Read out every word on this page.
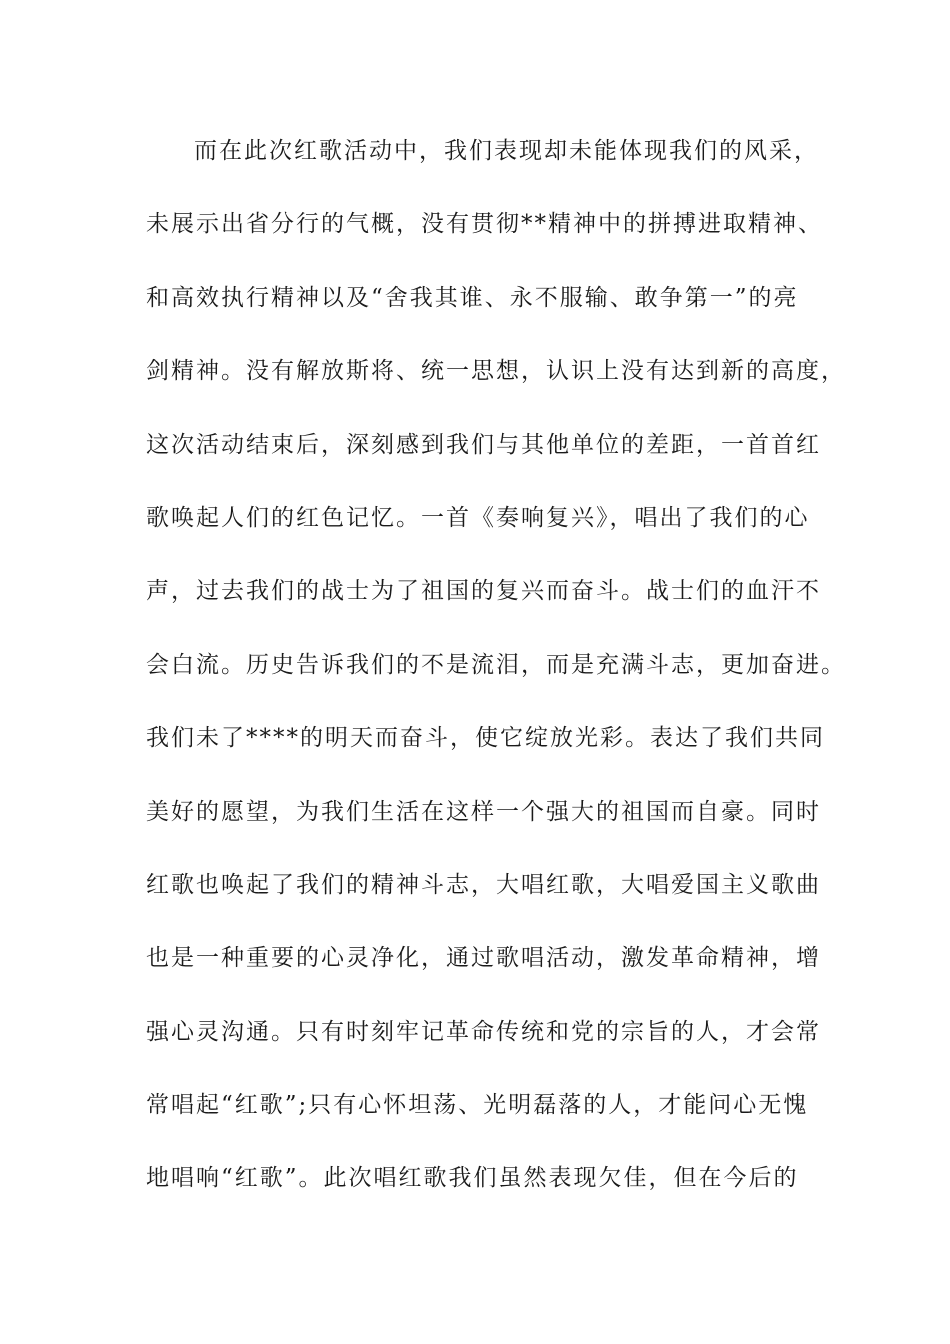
而在此次红歌活动中，我们表现却未能体现我们的风采，
未展示出省分行的气概，没有贯彻**精神中的拼搏进取精神、
和高效执行精神以及“舍我其谁、永不服输、敢争第一”的亮
剑精神。没有解放斯将、统一思想，认识上没有达到新的高度，
这次活动结束后，深刻感到我们与其他单位的差距，一首首红
歌唤起人们的红色记忆。一首《奏响复兴》，唱出了我们的心
声，过去我们的战士为了祖国的复兴而奋斗。战士们的血汗不
会白流。历史告诉我们的不是流泪，而是充满斗志，更加奋进。
我们未了****的明天而奋斗，使它绽放光彩。表达了我们共同
美好的愿望，为我们生活在这样一个强大的祖国而自豪。同时
红歌也唤起了我们的精神斗志，大唱红歌，大唱爱国主义歌曲
也是一种重要的心灵净化，通过歌唱活动，激发革命精神，增
强心灵沟通。只有时刻牢记革命传统和党的宗旨的人，才会常
常唱起“红歌”;只有心怀坦荡、光明磊落的人，才能问心无愧
地唱响“红歌”。此次唱红歌我们虽然表现欠佳，但在今后的
